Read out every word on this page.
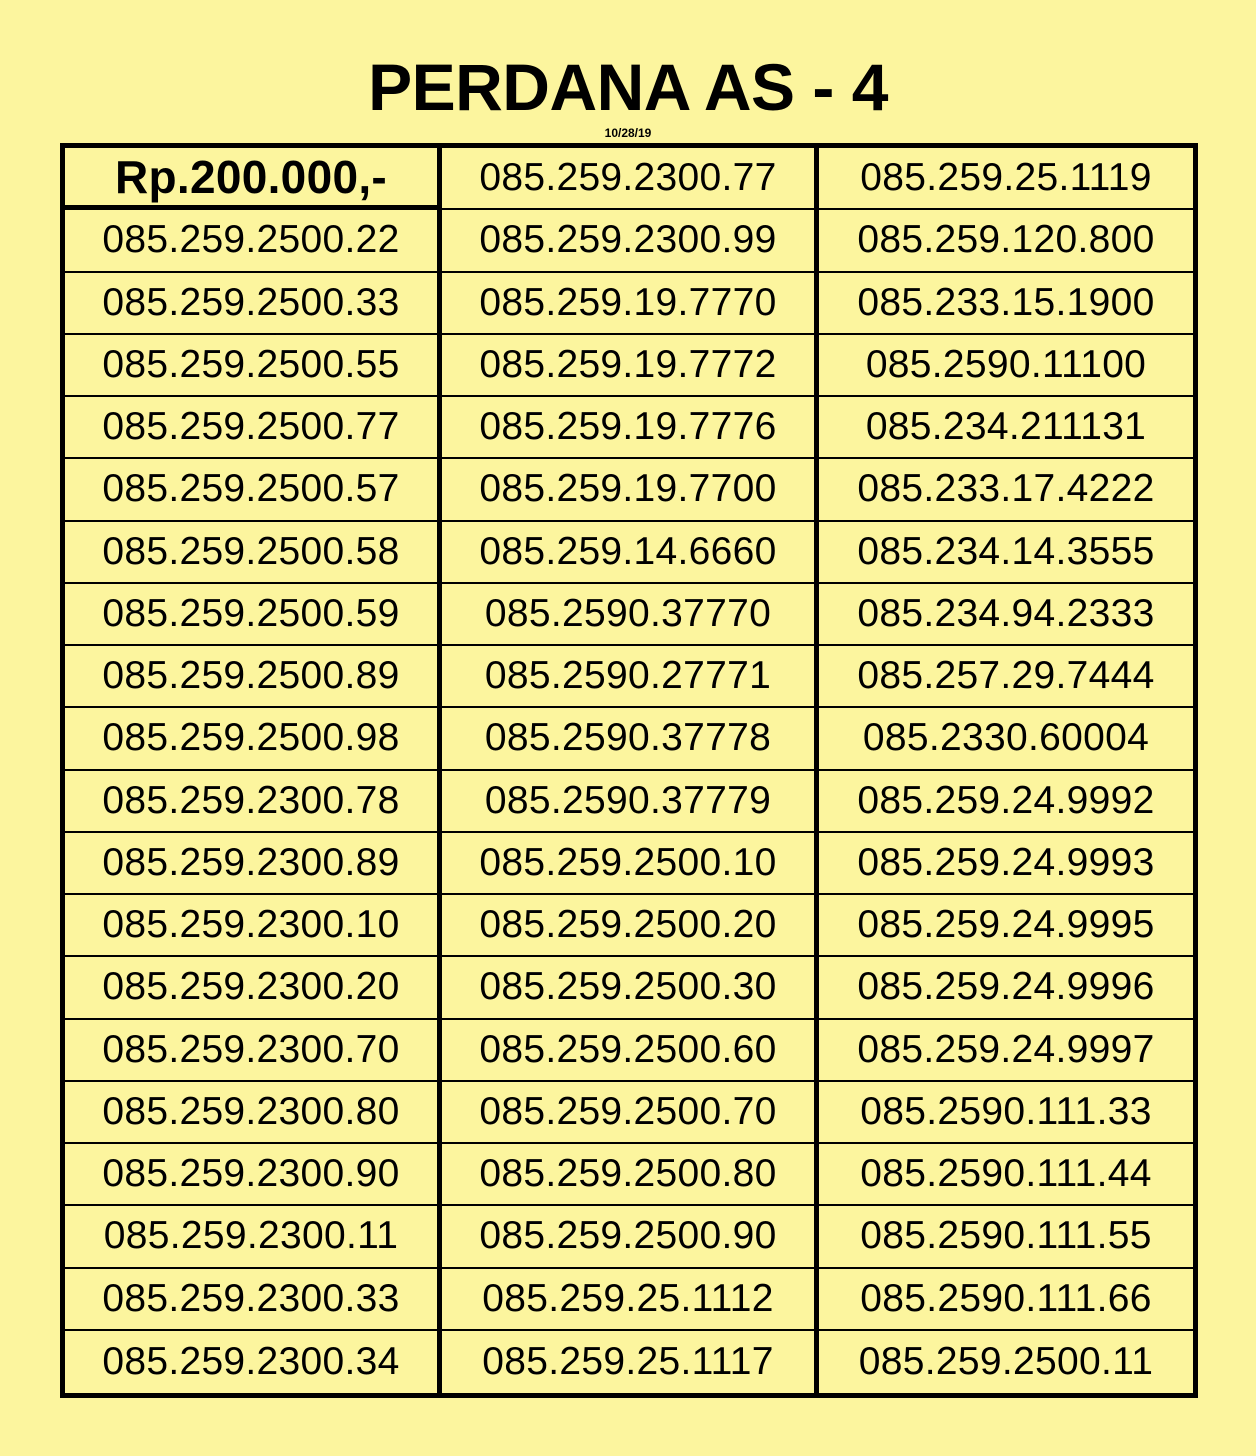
PERDANA AS - 4
10/28/19
Rp.200.000,-	085.259.2300.77	085.259.25.1119
085.259.2500.22	085.259.2300.99	085.259.120.800
085.259.2500.33	085.259.19.7770	085.233.15.1900
085.259.2500.55	085.259.19.7772	085.2590.11100
085.259.2500.77	085.259.19.7776	085.234.211131
085.259.2500.57	085.259.19.7700	085.233.17.4222
085.259.2500.58	085.259.14.6660	085.234.14.3555
085.259.2500.59	085.2590.37770	085.234.94.2333
085.259.2500.89	085.2590.27771	085.257.29.7444
085.259.2500.98	085.2590.37778	085.2330.60004
085.259.2300.78	085.2590.37779	085.259.24.9992
085.259.2300.89	085.259.2500.10	085.259.24.9993
085.259.2300.10	085.259.2500.20	085.259.24.9995
085.259.2300.20	085.259.2500.30	085.259.24.9996
085.259.2300.70	085.259.2500.60	085.259.24.9997
085.259.2300.80	085.259.2500.70	085.2590.111.33
085.259.2300.90	085.259.2500.80	085.2590.111.44
085.259.2300.11	085.259.2500.90	085.2590.111.55
085.259.2300.33	085.259.25.1112	085.2590.111.66
085.259.2300.34	085.259.25.1117	085.259.2500.11
